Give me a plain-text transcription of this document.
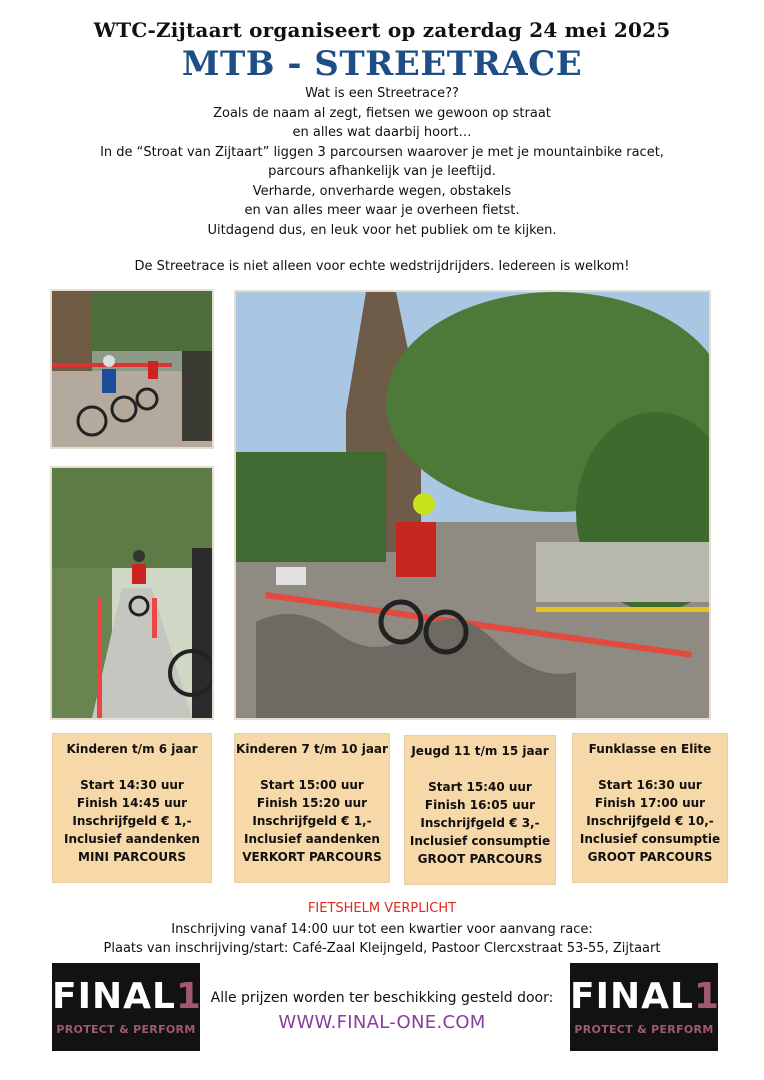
WTC-Zijtaart organiseert op zaterdag 24 mei 2025
MTB - STREETRACE
Wat is een Streetrace??
Zoals de naam al zegt, fietsen we gewoon op straat
en alles wat daarbij hoort…
In de “Stroat van Zijtaart” liggen 3 parcoursen waarover je met je mountainbike racet,
parcours afhankelijk van je leeftijd.
Verharde, onverharde wegen, obstakels
en van alles meer waar je overheen fietst.
Uitdagend dus, en leuk voor het publiek om te kijken.
De Streetrace is niet alleen voor echte wedstrijdrijders. Iedereen is welkom!
Kinderen t/m 6 jaar
Start 14:30 uur
Finish 14:45 uur
Inschrijfgeld € 1,-
Inclusief aandenken
MINI PARCOURS
Kinderen 7 t/m 10 jaar
Start 15:00 uur
Finish 15:20 uur
Inschrijfgeld € 1,-
Inclusief aandenken
VERKORT PARCOURS
Jeugd 11 t/m 15 jaar
Start 15:40 uur
Finish 16:05 uur
Inschrijfgeld € 3,-
Inclusief consumptie
GROOT PARCOURS
Funklasse en Elite
Start 16:30 uur
Finish 17:00 uur
Inschrijfgeld € 10,-
Inclusief consumptie
GROOT PARCOURS
FIETSHELM VERPLICHT
Inschrijving vanaf 14:00 uur tot een kwartier voor aanvang race:
Plaats van inschrijving/start: Café-Zaal Kleijngeld, Pastoor Clercxstraat 53-55, Zijtaart
FINAL1
PROTECT & PERFORM
Alle prijzen worden ter beschikking gesteld door:
WWW.FINAL-ONE.COM
FINAL1
PROTECT & PERFORM
